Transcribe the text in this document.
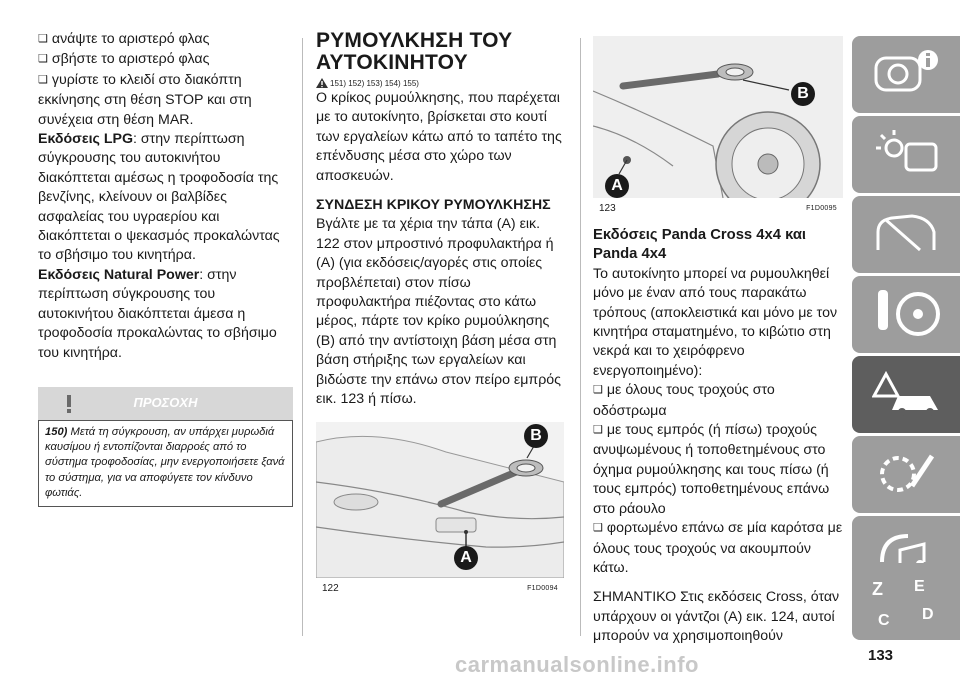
❑ ανάψτε το αριστερό φλας

❑ σβήστε το αριστερό φλας

❑ γυρίστε το κλειδί στο διακόπτη

εκκίνησης στη θέση STOP και στη συνέχεια στη θέση MAR.

Εκδόσεις LPG: στην περίπτωση σύγκρουσης του αυτοκινήτου διακόπτεται αμέσως η τροφοδοσία της βενζίνης, κλείνουν οι βαλβίδες ασφαλείας του υγραερίου και διακόπτεται ο ψεκασμός προκαλώντας το σβήσιμο του κινητήρα.

Εκδόσεις Natural Power: στην περίπτωση σύγκρουσης του αυτοκινήτου διακόπτεται άμεσα η τροφοδοσία προκαλώντας το σβήσιμο του κινητήρα.

ΠΡΟΣΟΧΗ
150) Μετά τη σύγκρουση, αν υπάρχει μυρωδιά καυσίμου ή εντοπίζονται διαρροές από το σύστημα τροφοδοσίας, μην ενεργοποιήσετε ξανά το σύστημα, για να αποφύγετε τον κίνδυνο φωτιάς.
ΡΥΜΟΥΛΚΗΣΗ ΤΟΥ ΑΥΤΟΚΙΝΗΤΟΥ
151) 152) 153) 154) 155)

Ο κρίκος ρυμούλκησης, που παρέχεται με το αυτοκίνητο, βρίσκεται στο κουτί των εργαλείων κάτω από το ταπέτο της επένδυσης μέσα στο χώρο των αποσκευών.

ΣΥΝΔΕΣΗ ΚΡΙΚΟΥ ΡΥΜΟΥΛΚΗΣΗΣ

Βγάλτε με τα χέρια την τάπα (A) εικ. 122 στον μπροστινό προφυλακτήρα ή (A) (για εκδόσεις/αγορές στις οποίες προβλέπεται) στον πίσω προφυλακτήρα πιέζοντας στο κάτω μέρος, πάρτε τον κρίκο ρυμούλκησης (B) από την αντίστοιχη βάση μέσα στη βάση στήριξης των εργαλείων και βιδώστε την επάνω στον πείρο εμπρός εικ. 123 ή πίσω.

B
A
122	F1D0094
B
A
123	F1D0095

Εκδόσεις Panda Cross 4x4 και Panda 4x4

Το αυτοκίνητο μπορεί να ρυμουλκηθεί μόνο με έναν από τους παρακάτω τρόπους (αποκλειστικά και μόνο με τον κινητήρα σταματημένο, το κιβώτιο στη νεκρά και το χειρόφρενο ενεργοποιημένο):

❑ με όλους τους τροχούς στο οδόστρωμα

❑ με τους εμπρός (ή πίσω) τροχούς ανυψωμένους ή τοποθετημένους στο όχημα ρυμούλκησης και τους πίσω (ή τους εμπρός) τοποθετημένους επάνω στο ράουλο

❑ φορτωμένο επάνω σε μία καρότσα με όλους τους τροχούς να ακουμπούν κάτω.

ΣΗΜΑΝΤΙΚΟ Στις εκδόσεις Cross, όταν υπάρχουν οι γάντζοι (A) εικ. 124, αυτοί μπορούν να χρησιμοποιηθούν

Z E
D
C
133
carmanualsonline.info
